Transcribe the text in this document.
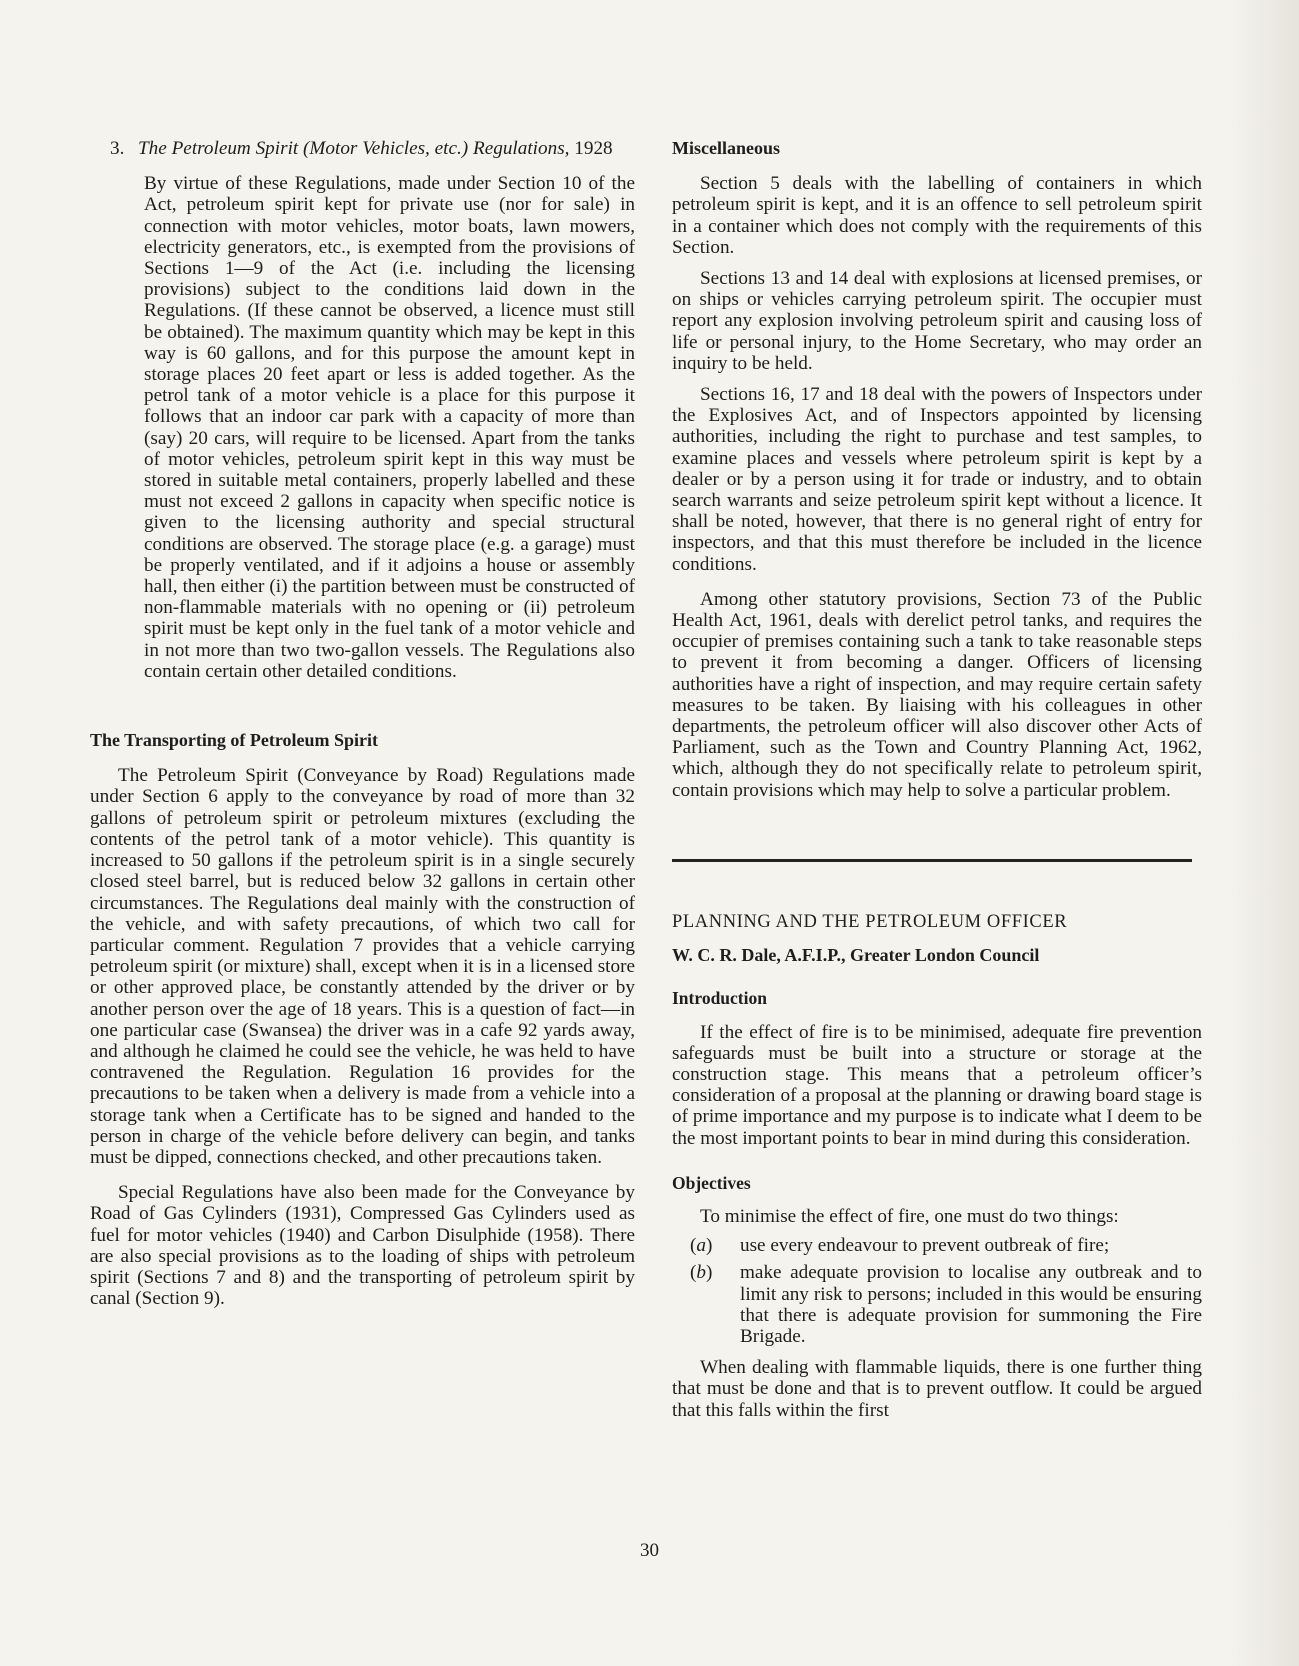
3. The Petroleum Spirit (Motor Vehicles, etc.) Regulations, 1928

By virtue of these Regulations, made under Section 10 of the Act, petroleum spirit kept for private use (nor for sale) in connection with motor vehicles, motor boats, lawn mowers, electricity generators, etc., is exempted from the provisions of Sections 1—9 of the Act (i.e. including the licensing provisions) subject to the conditions laid down in the Regulations. (If these cannot be observed, a licence must still be obtained). The maximum quantity which may be kept in this way is 60 gallons, and for this purpose the amount kept in storage places 20 feet apart or less is added together. As the petrol tank of a motor vehicle is a place for this purpose it follows that an indoor car park with a capacity of more than (say) 20 cars, will require to be licensed. Apart from the tanks of motor vehicles, petroleum spirit kept in this way must be stored in suitable metal containers, properly labelled and these must not exceed 2 gallons in capacity when specific notice is given to the licensing authority and special structural conditions are observed. The storage place (e.g. a garage) must be properly ventilated, and if it adjoins a house or assembly hall, then either (i) the partition between must be constructed of non-flammable materials with no opening or (ii) petroleum spirit must be kept only in the fuel tank of a motor vehicle and in not more than two two-gallon vessels. The Regulations also contain certain other detailed conditions.

The Transporting of Petroleum Spirit

The Petroleum Spirit (Conveyance by Road) Regulations made under Section 6 apply to the conveyance by road of more than 32 gallons of petroleum spirit or petroleum mixtures (excluding the contents of the petrol tank of a motor vehicle). This quantity is increased to 50 gallons if the petroleum spirit is in a single securely closed steel barrel, but is reduced below 32 gallons in certain other circumstances. The Regulations deal mainly with the construction of the vehicle, and with safety precautions, of which two call for particular comment. Regulation 7 provides that a vehicle carrying petroleum spirit (or mixture) shall, except when it is in a licensed store or other approved place, be constantly attended by the driver or by another person over the age of 18 years. This is a question of fact—in one particular case (Swansea) the driver was in a cafe 92 yards away, and although he claimed he could see the vehicle, he was held to have contravened the Regulation. Regulation 16 provides for the precautions to be taken when a delivery is made from a vehicle into a storage tank when a Certificate has to be signed and handed to the person in charge of the vehicle before delivery can begin, and tanks must be dipped, connections checked, and other precautions taken.

Special Regulations have also been made for the Conveyance by Road of Gas Cylinders (1931), Compressed Gas Cylinders used as fuel for motor vehicles (1940) and Carbon Disulphide (1958). There are also special provisions as to the loading of ships with petroleum spirit (Sections 7 and 8) and the transporting of petroleum spirit by canal (Section 9).

Miscellaneous

Section 5 deals with the labelling of containers in which petroleum spirit is kept, and it is an offence to sell petroleum spirit in a container which does not comply with the requirements of this Section.

Sections 13 and 14 deal with explosions at licensed premises, or on ships or vehicles carrying petroleum spirit. The occupier must report any explosion involving petroleum spirit and causing loss of life or personal injury, to the Home Secretary, who may order an inquiry to be held.

Sections 16, 17 and 18 deal with the powers of Inspectors under the Explosives Act, and of Inspectors appointed by licensing authorities, including the right to purchase and test samples, to examine places and vessels where petroleum spirit is kept by a dealer or by a person using it for trade or industry, and to obtain search warrants and seize petroleum spirit kept without a licence. It shall be noted, however, that there is no general right of entry for inspectors, and that this must therefore be included in the licence conditions.

Among other statutory provisions, Section 73 of the Public Health Act, 1961, deals with derelict petrol tanks, and requires the occupier of premises containing such a tank to take reasonable steps to prevent it from becoming a danger. Officers of licensing authorities have a right of inspection, and may require certain safety measures to be taken. By liaising with his colleagues in other departments, the petroleum officer will also discover other Acts of Parliament, such as the Town and Country Planning Act, 1962, which, although they do not specifically relate to petroleum spirit, contain provisions which may help to solve a particular problem.

PLANNING AND THE PETROLEUM OFFICER

W. C. R. Dale, A.F.I.P., Greater London Council

Introduction

If the effect of fire is to be minimised, adequate fire prevention safeguards must be built into a structure or storage at the construction stage. This means that a petroleum officer’s consideration of a proposal at the planning or drawing board stage is of prime importance and my purpose is to indicate what I deem to be the most important points to bear in mind during this consideration.

Objectives

To minimise the effect of fire, one must do two things:

(a)	use every endeavour to prevent outbreak of fire;
(b)	make adequate provision to localise any outbreak and to limit any risk to persons; included in this would be ensuring that there is adequate provision for summoning the Fire Brigade.

When dealing with flammable liquids, there is one further thing that must be done and that is to prevent outflow. It could be argued that this falls within the first

30
